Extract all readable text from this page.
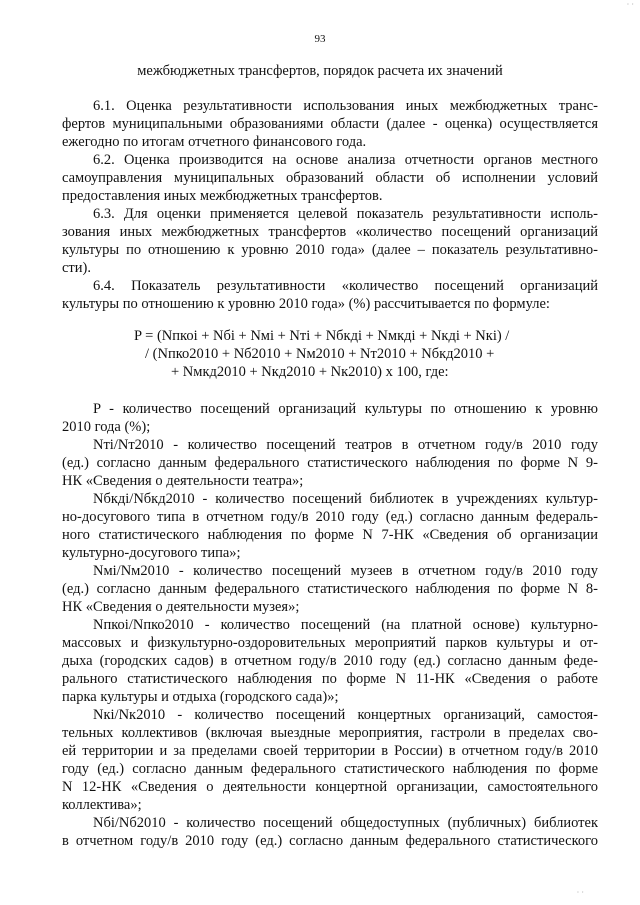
· ·
93
межбюджетных трансфертов, порядок расчета их значений
6.1. Оценка результативности использования иных межбюджетных транс-
фертов муниципальными образованиями области (далее - оценка) осуществляется
ежегодно по итогам отчетного финансового года.
6.2. Оценка производится на основе анализа отчетности органов местного
самоуправления муниципальных образований области об исполнении условий
предоставления иных межбюджетных трансфертов.
6.3. Для оценки применяется целевой показатель результативности исполь-
зования иных межбюджетных трансфертов «количество посещений организаций
культуры по отношению к уровню 2010 года» (далее – показатель результативно-
сти).
6.4. Показатель результативности «количество посещений организаций
культуры по отношению к уровню 2010 года» (%) рассчитывается по формуле:
P = (Nпкоі + Nбі + Nмі + Nті + Nбкді + Nмкді + Nкді + Nкі) /
/ (Nпко2010 + Nб2010 + Nм2010 + Nт2010 + Nбкд2010 +
+ Nмкд2010 + Nкд2010 + Nк2010) x 100, где:
P - количество посещений организаций культуры по отношению к уровню
2010 года (%);
Nті/Nт2010 - количество посещений театров в отчетном году/в 2010 году
(ед.) согласно данным федерального статистического наблюдения по форме N 9-
НК «Сведения о деятельности театра»;
Nбкді/Nбкд2010 - количество посещений библиотек в учреждениях культур-
но-досугового типа в отчетном году/в 2010 году (ед.) согласно данным федераль-
ного статистического наблюдения по форме N 7-НК «Сведения об организации
культурно-досугового типа»;
Nмі/Nм2010 - количество посещений музеев в отчетном году/в 2010 году
(ед.) согласно данным федерального статистического наблюдения по форме N 8-
НК «Сведения о деятельности музея»;
Nпкоі/Nпко2010 - количество посещений (на платной основе) культурно-
массовых и физкультурно-оздоровительных мероприятий парков культуры и от-
дыха (городских садов) в отчетном году/в 2010 году (ед.) согласно данным феде-
рального статистического наблюдения по форме N 11-НК «Сведения о работе
парка культуры и отдыха (городского сада)»;
Nкі/Nк2010 - количество посещений концертных организаций, самостоя-
тельных коллективов (включая выездные мероприятия, гастроли в пределах сво-
ей территории и за пределами своей территории в России) в отчетном году/в 2010
году (ед.) согласно данным федерального статистического наблюдения по форме
N 12-НК «Сведения о деятельности концертной организации, самостоятельного
коллектива»;
Nбі/Nб2010 - количество посещений общедоступных (публичных) библиотек
в отчетном году/в 2010 году (ед.) согласно данным федерального статистического
· ·
